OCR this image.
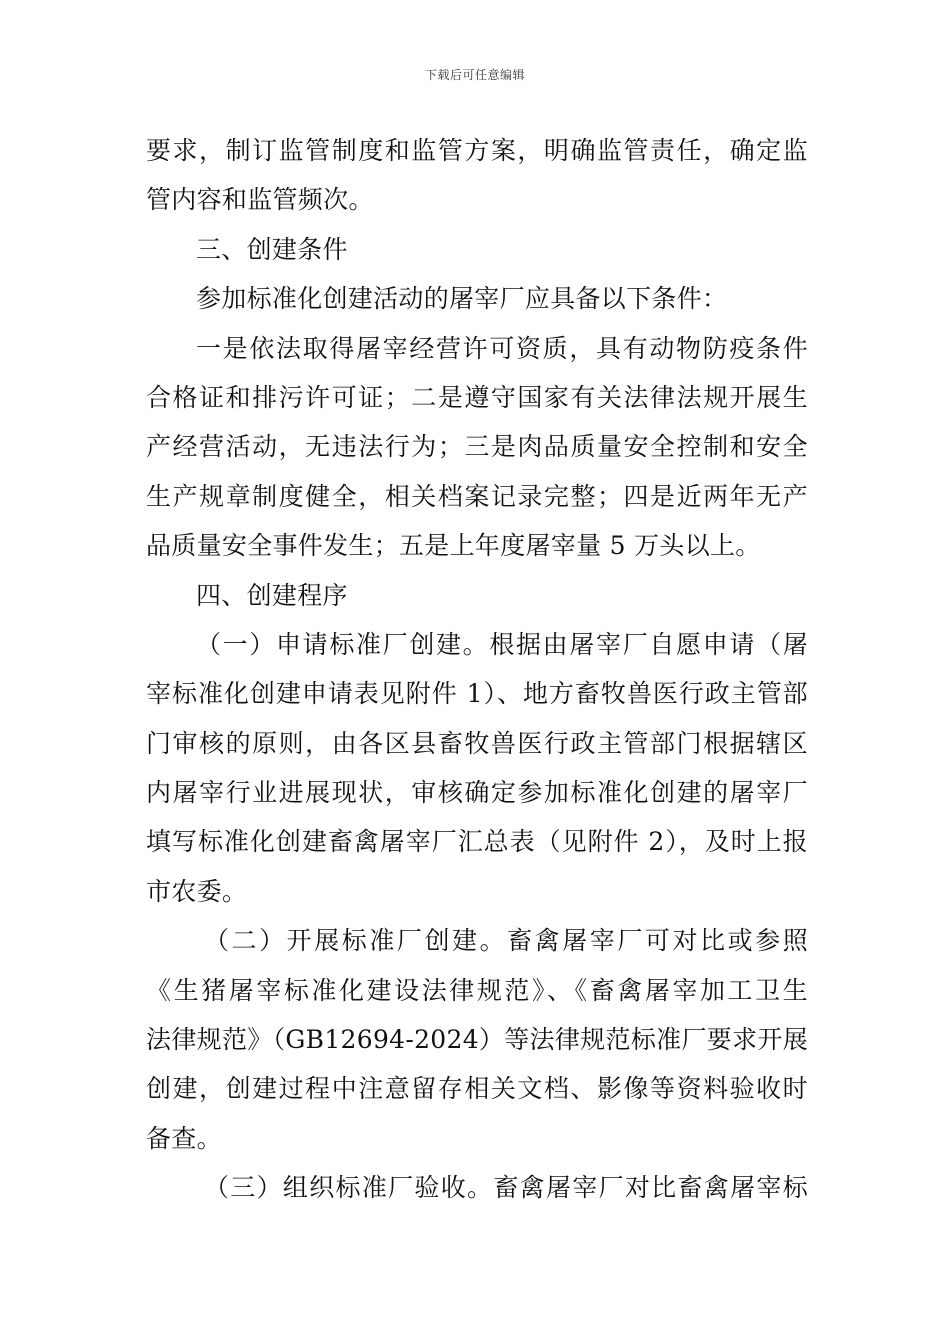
下载后可任意编辑
要求，制订监管制度和监管方案，明确监管责任，确定监
管内容和监管频次。
三、创建条件
参加标准化创建活动的屠宰厂应具备以下条件：
一是依法取得屠宰经营许可资质，具有动物防疫条件
合格证和排污许可证；二是遵守国家有关法律法规开展生
产经营活动，无违法行为；三是肉品质量安全控制和安全
生产规章制度健全，相关档案记录完整；四是近两年无产
品质量安全事件发生；五是上年度屠宰量 5 万头以上。
四、创建程序
（一）申请标准厂创建。根据由屠宰厂自愿申请（屠
宰标准化创建申请表见附件 1）、地方畜牧兽医行政主管部
门审核的原则，由各区县畜牧兽医行政主管部门根据辖区
内屠宰行业进展现状，审核确定参加标准化创建的屠宰厂
填写标准化创建畜禽屠宰厂汇总表（见附件 2），及时上报
市农委。
（二）开展标准厂创建。畜禽屠宰厂可对比或参照
《生猪屠宰标准化建设法律规范》、《畜禽屠宰加工卫生
法律规范》（GB12694-2024）等法律规范标准厂要求开展
创建，创建过程中注意留存相关文档、影像等资料验收时
备查。
（三）组织标准厂验收。畜禽屠宰厂对比畜禽屠宰标
